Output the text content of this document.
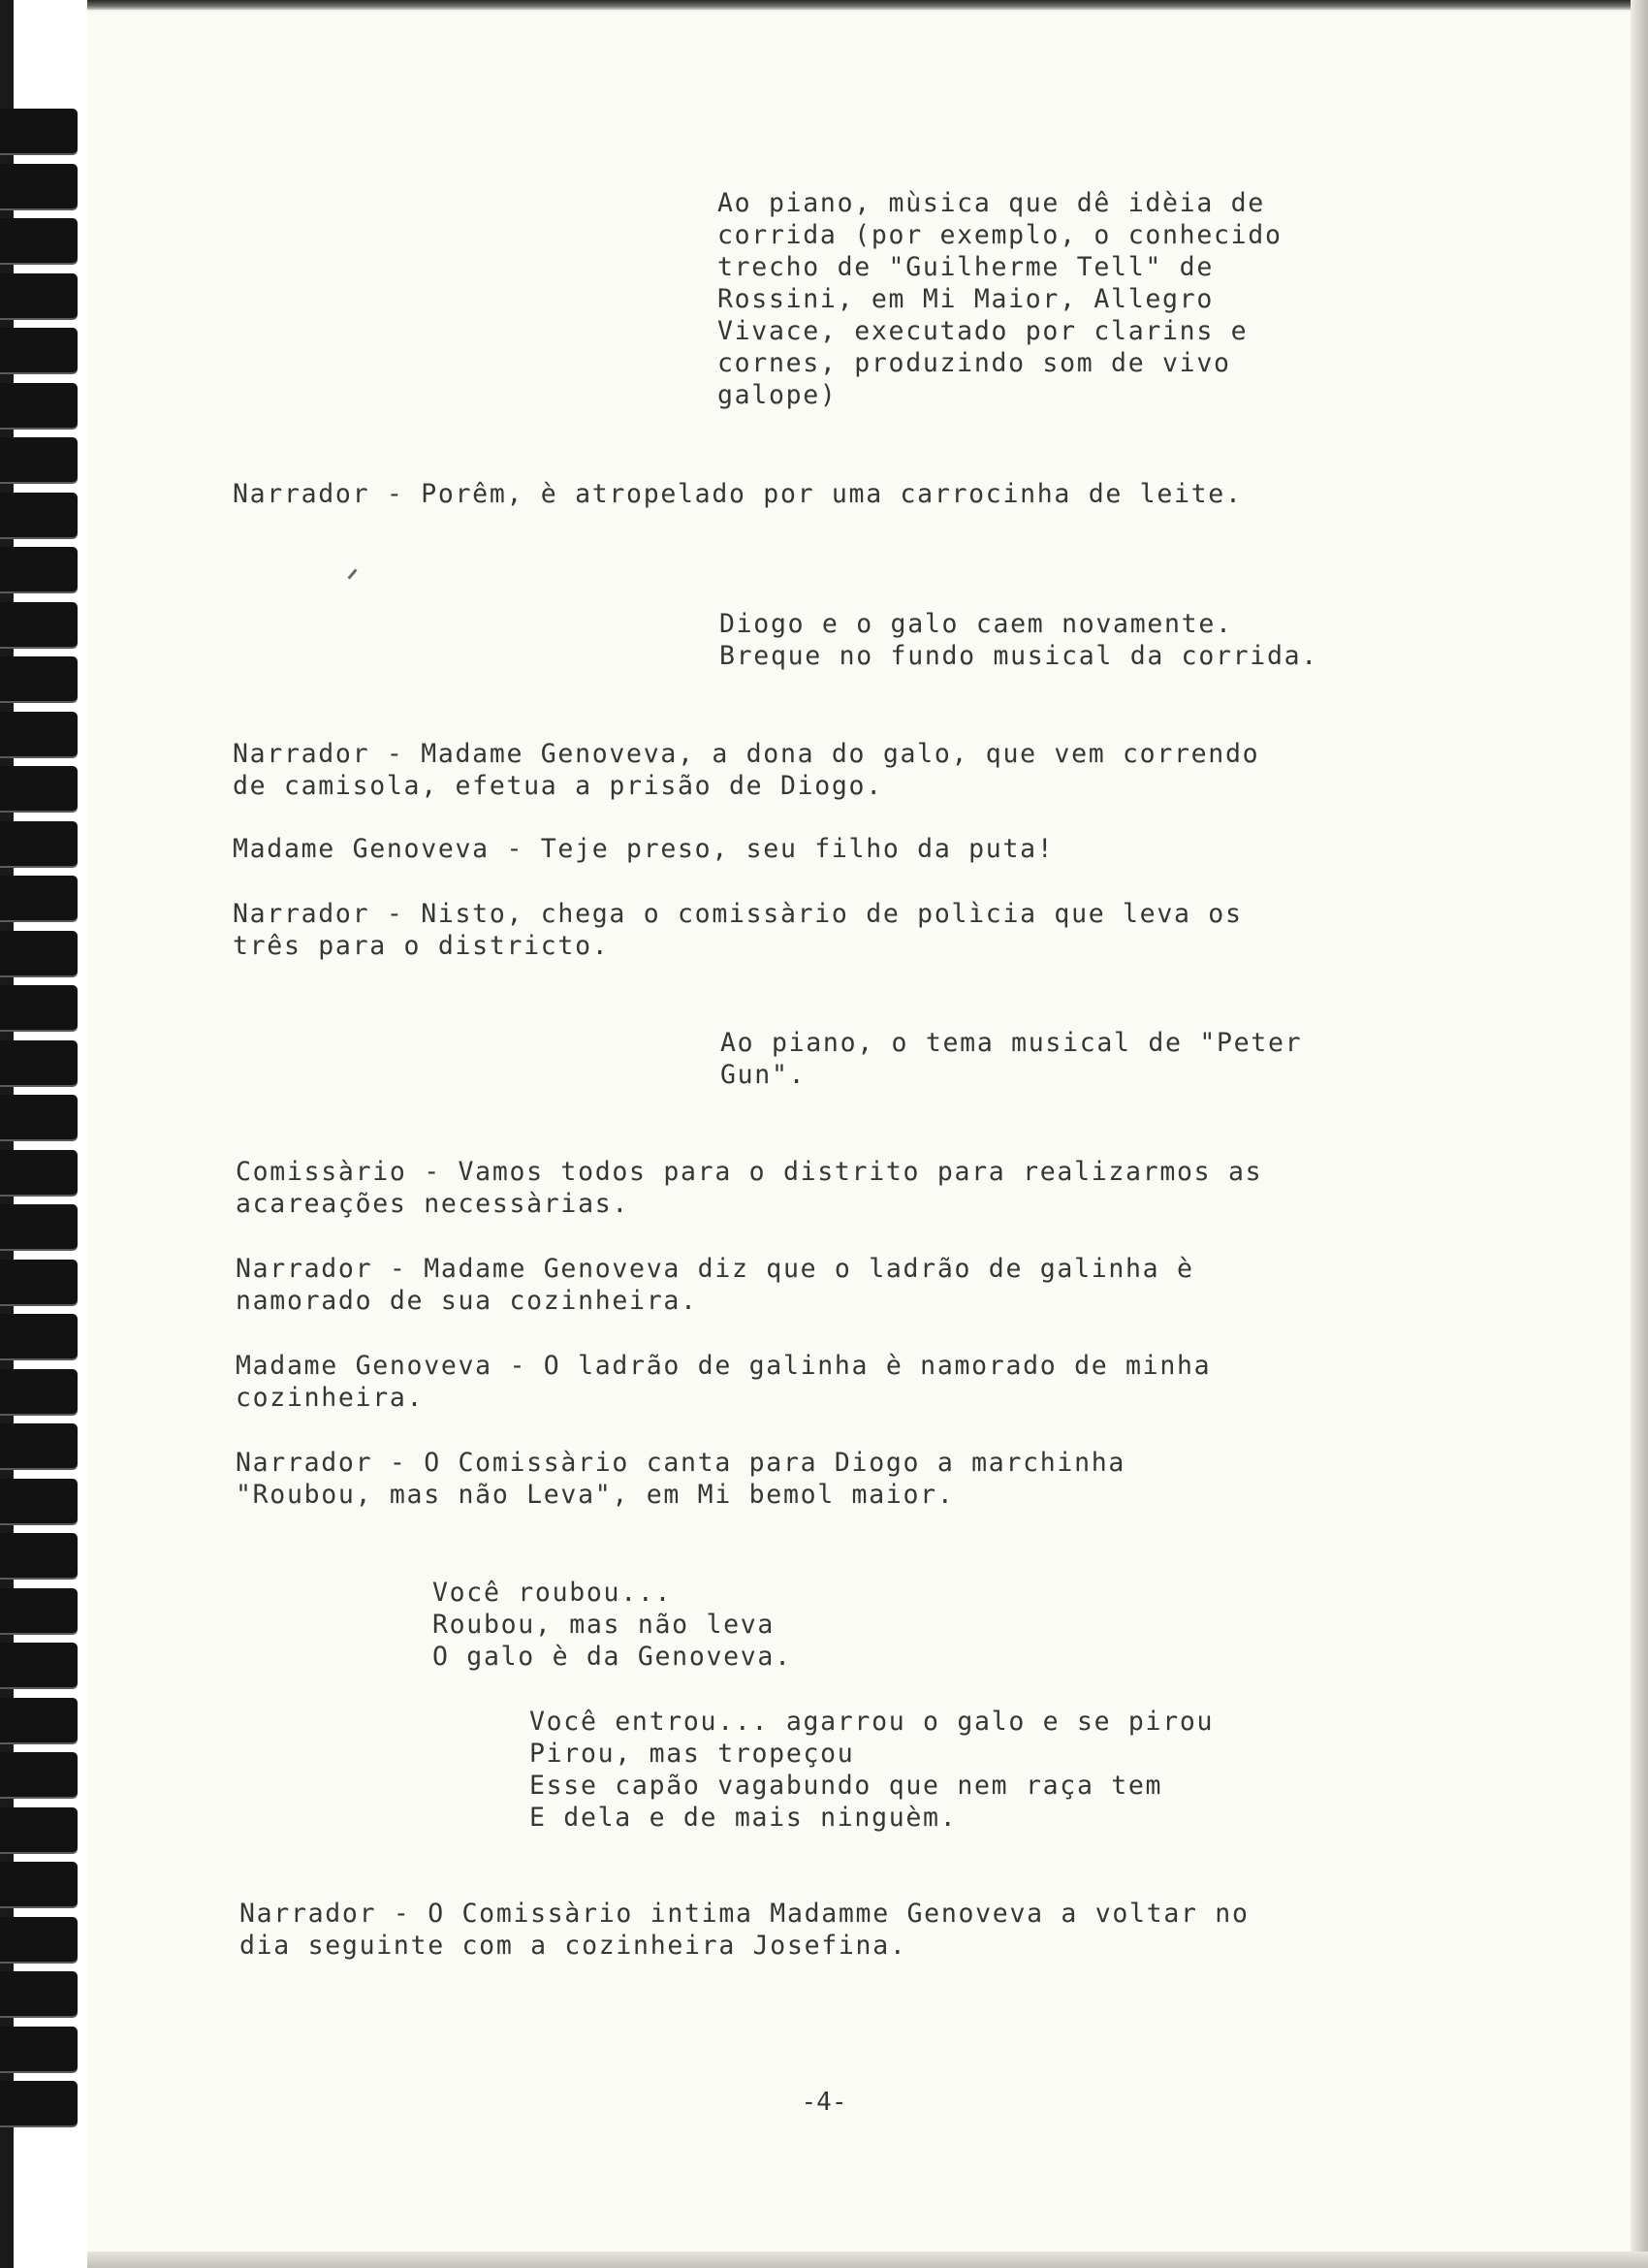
Ao piano, mùsica que dê idèia de
corrida (por exemplo, o conhecido
trecho de "Guilherme Tell" de
Rossini, em Mi Maior, Allegro
Vivace, executado por clarins e
cornes, produzindo som de vivo
galope)

Narrador - Porêm, è atropelado por uma carrocinha de leite.

Diogo e o galo caem novamente.
Breque no fundo musical da corrida.

Narrador - Madame Genoveva, a dona do galo, que vem correndo
de camisola, efetua a prisão de Diogo.

Madame Genoveva - Teje preso, seu filho da puta!

Narrador - Nisto, chega o comissàrio de polìcia que leva os
três para o districto.

Ao piano, o tema musical de "Peter
Gun".

Comissàrio - Vamos todos para o distrito para realizarmos as
acareações necessàrias.

Narrador - Madame Genoveva diz que o ladrão de galinha è
namorado de sua cozinheira.

Madame Genoveva - O ladrão de galinha è namorado de minha
cozinheira.

Narrador - O Comissàrio canta para Diogo a marchinha
"Roubou, mas não Leva", em Mi bemol maior.

Você roubou...
Roubou, mas não leva
O galo è da Genoveva.

Você entrou... agarrou o galo e se pirou
Pirou, mas tropeçou
Esse capão vagabundo que nem raça tem
E dela e de mais ninguèm.

Narrador - O Comissàrio intima Madamme Genoveva a voltar no
dia seguinte com a cozinheira Josefina.

-4-
